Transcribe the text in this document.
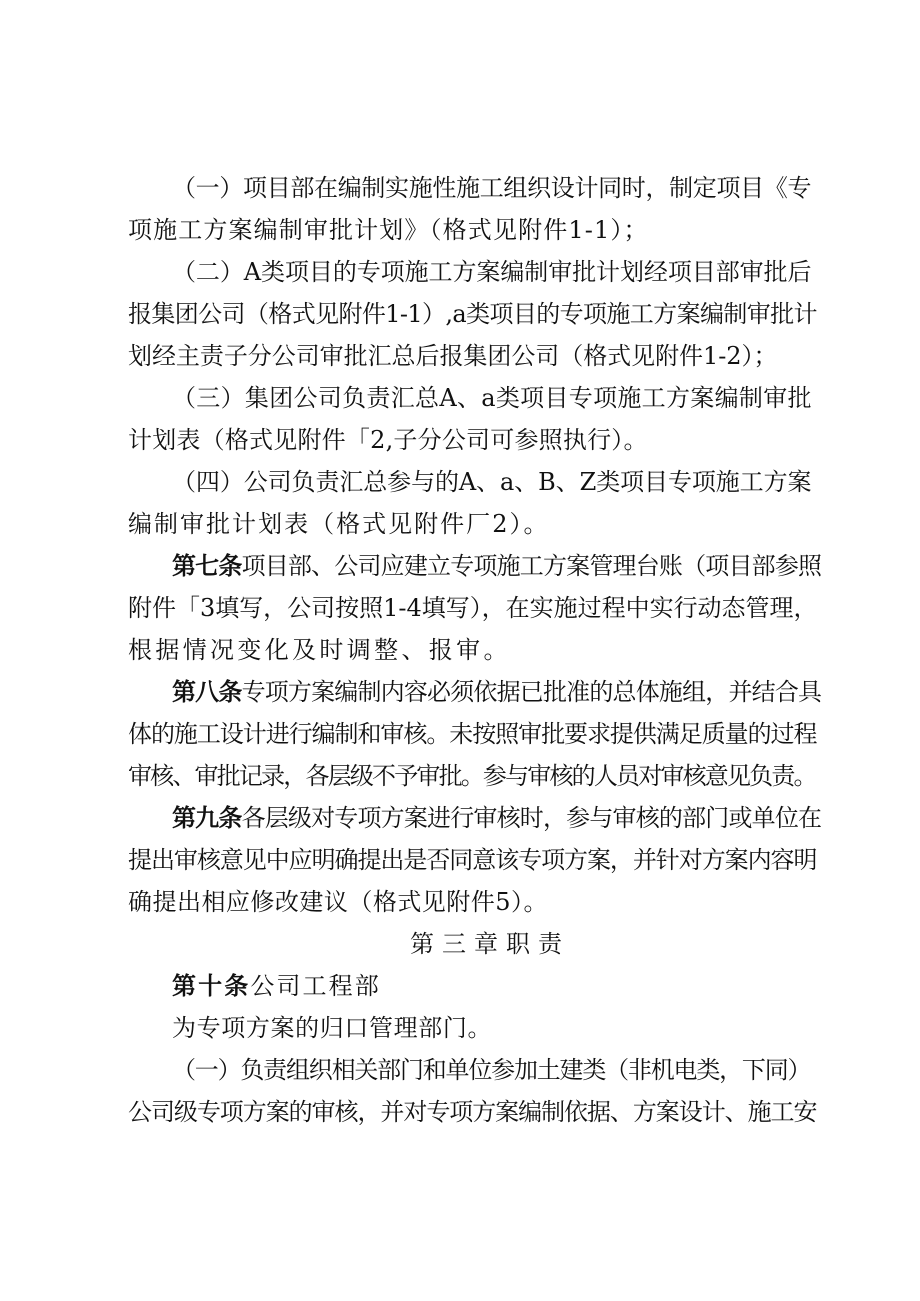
（一）项目部在编制实施性施工组织设计同时，制定项目《专
项施工方案编制审批计划》（格式见附件1-1）；
（二）A类项目的专项施工方案编制审批计划经项目部审批后
报集团公司（格式见附件1-1）,a类项目的专项施工方案编制审批计
划经主责子分公司审批汇总后报集团公司（格式见附件1-2）；
（三）集团公司负责汇总A、a类项目专项施工方案编制审批
计划表（格式见附件「2,子分公司可参照执行）。
（四）公司负责汇总参与的A、a、B、Z类项目专项施工方案
编制审批计划表（格式见附件厂2）。
第七条项目部、公司应建立专项施工方案管理台账（项目部参照
附件「3填写，公司按照1-4填写），在实施过程中实行动态管理，
根据情况变化及时调整、报审。
第八条专项方案编制内容必须依据已批准的总体施组，并结合具
体的施工设计进行编制和审核。未按照审批要求提供满足质量的过程
审核、审批记录，各层级不予审批。参与审核的人员对审核意见负责。
第九条各层级对专项方案进行审核时，参与审核的部门或单位在
提出审核意见中应明确提出是否同意该专项方案，并针对方案内容明
确提出相应修改建议（格式见附件5）。
第三章职责
第十条公司工程部
为专项方案的归口管理部门。
（一）负责组织相关部门和单位参加土建类（非机电类，下同）
公司级专项方案的审核，并对专项方案编制依据、方案设计、施工安
